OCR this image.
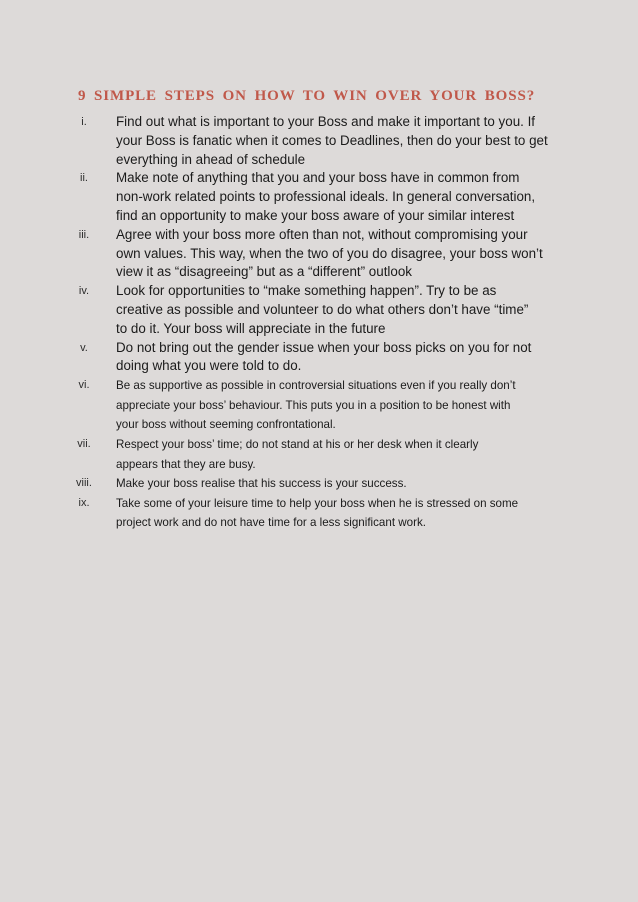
9 SIMPLE STEPS ON HOW TO WIN OVER YOUR BOSS?
i.	Find out what is important to your Boss and make it important to you. If
your Boss is fanatic when it comes to Deadlines, then do your best to get
everything in ahead of schedule
ii.	Make note of anything that you and your boss have in common from
non-work related points to professional ideals. In general conversation,
find an opportunity to make your boss aware of your similar interest
iii.	Agree with your boss more often than not, without compromising your
own values. This way, when the two of you do disagree, your boss won’t
view it as “disagreeing” but as a “different” outlook
iv.	Look for opportunities to “make something happen”. Try to be as
creative as possible and volunteer to do what others don’t have “time”
to do it. Your boss will appreciate in the future
v.	Do not bring out the gender issue when your boss picks on you for not
doing what you were told to do.
vi.	Be as supportive as possible in controversial situations even if you really don’t
appreciate your boss’ behaviour. This puts you in a position to be honest with
your boss without seeming confrontational.
vii.	Respect your boss’ time; do not stand at his or her desk when it clearly
appears that they are busy.
viii.	Make your boss realise that his success is your success.
ix.	Take some of your leisure time to help your boss when he is stressed on some
project work and do not have time for a less significant work.
